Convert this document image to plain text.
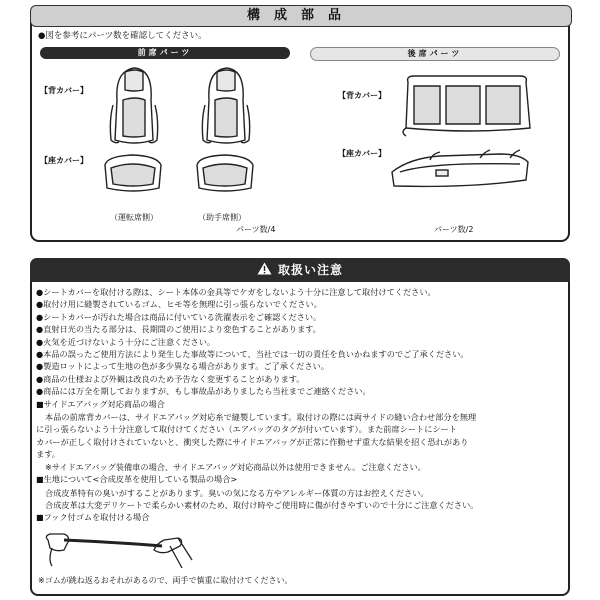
構成部品
●図を参考にパーツ数を確認してください。
前席パーツ
【背カバー】
【座カバー】
（運転席側）	（助手席側）
パーツ数/4
後席パーツ
【背カバー】
【座カバー】
パーツ数/2
取扱い注意
●シートカバーを取付ける際は、シート本体の金具等でケガをしないよう十分に注意して取付けてください。
●取付け用に縫製されているゴム、ヒモ等を無理に引っ張らないでください。
●シートカバーが汚れた場合は商品に付いている洗濯表示をご確認ください。
●直射日光の当たる部分は、長期間のご使用により変色することがあります。
●火気を近づけないよう十分にご注意ください。
●本品の誤ったご使用方法により発生した事故等について、当社では一切の責任を負いかねますのでご了承ください。
●製造ロットによって生地の色が多少異なる場合があります。ご了承ください。
●商品の仕様および外観は改良のため予告なく変更することがあります。
●商品には万全を期しておりますが、もし事故品がありましたら当社までご連絡ください。
■ サイドエアバッグ対応商品の場合
本品の前席背カバーは、サイドエアバッグ対応糸で縫製しています。取付けの際には両サイドの縫い合わせ部分を無理
に引っ張らないよう十分注意して取付けてください（エアバッグのタグが付いています）。また前席シートにシート
カバーが正しく取付けされていないと、衝突した際にサイドエアバッグが正常に作動せず重大な結果を招く恐れがあり
ます。
※サイドエアバッグ装備車の場合、サイドエアバッグ対応商品以外は使用できません。ご注意ください。
■ 生地について<合成皮革を使用している製品の場合>
合成皮革特有の臭いがすることがあります。臭いの気になる方やアレルギー体質の方はお控えください。
合成皮革は大変デリケートで柔らかい素材のため、取付け時やご使用時に傷が付きやすいので十分にご注意ください。
■ フック付ゴムを取付ける場合
※ゴムが跳ね返るおそれがあるので、両手で慎重に取付けてください。
